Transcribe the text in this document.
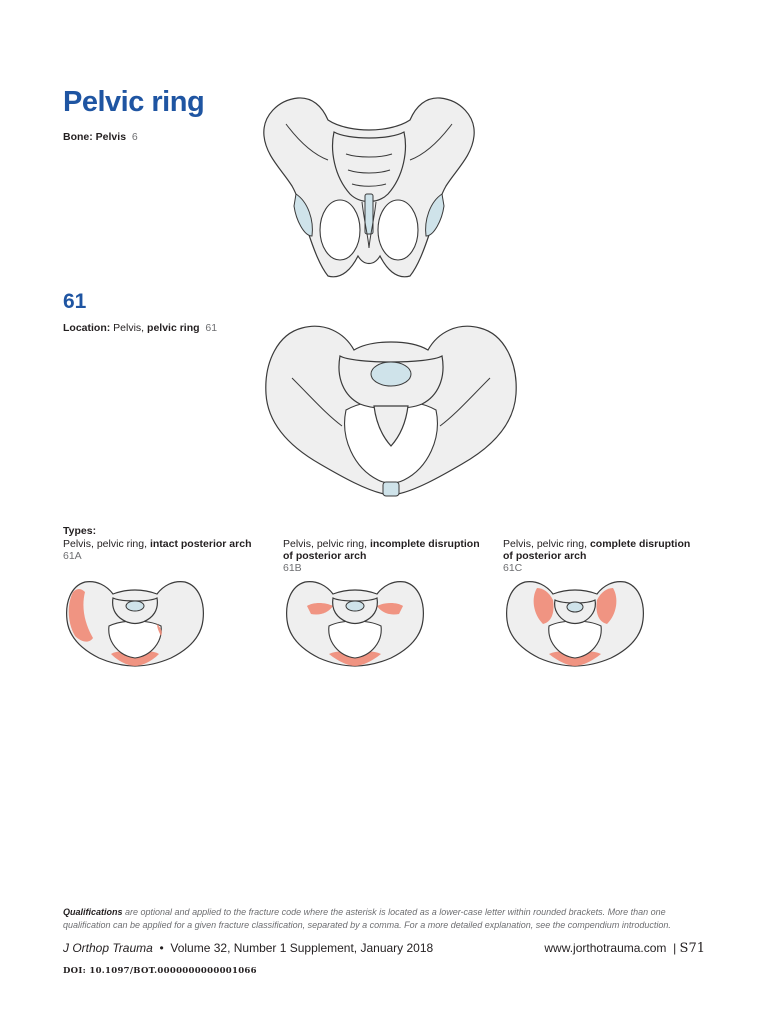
Pelvic ring
Bone: Pelvis 6
61
Location: Pelvis, pelvic ring 61
Types:
Pelvis, pelvic ring, intact posterior arch
61A
Pelvis, pelvic ring, incomplete disruption of posterior arch
61B
Pelvis, pelvic ring, complete disruption of posterior arch
61C
Qualifications are optional and applied to the fracture code where the asterisk is located as a lower-case letter within rounded brackets. More than one qualification can be applied for a given fracture classification, separated by a comma. For a more detailed explanation, see the compendium introduction.
J Orthop Trauma  •  Volume 32, Number 1 Supplement, January 2018	www.jorthotrauma.com  | S71
DOI: 10.1097/BOT.0000000000001066
